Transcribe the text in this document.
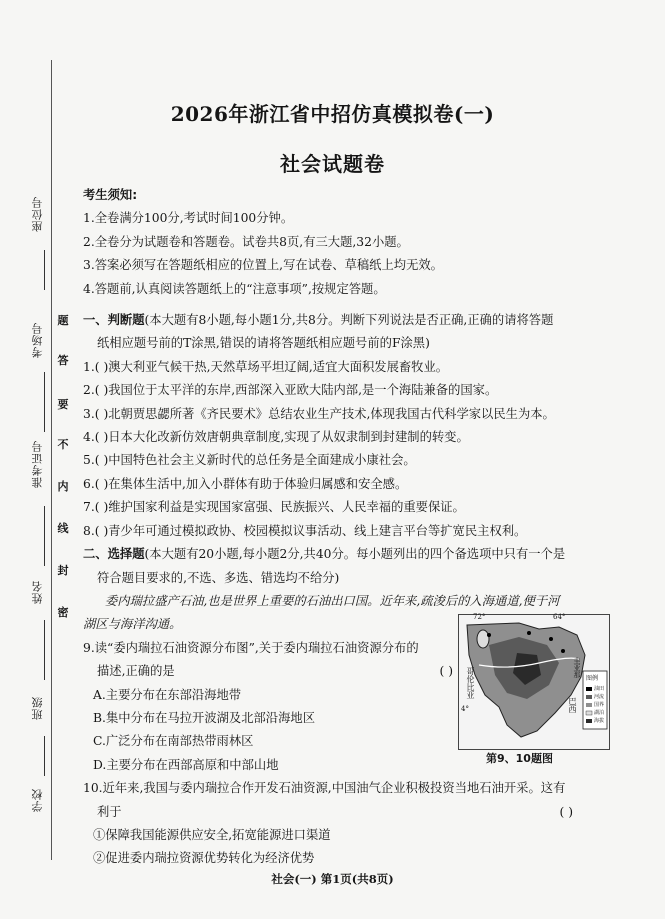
座位号
考场号
准考证号
姓名
班级
学校
题
答
要
不
内
线
封
密
2026年浙江省中招仿真模拟卷(一)
社会试题卷
考生须知:
1.全卷满分100分,考试时间100分钟。
2.全卷分为试题卷和答题卷。试卷共8页,有三大题,32小题。
3.答案必须写在答题纸相应的位置上,写在试卷、草稿纸上均无效。
4.答题前,认真阅读答题纸上的“注意事项”,按规定答题。
一、判断题(本大题有8小题,每小题1分,共8分。判断下列说法是否正确,正确的请将答题
纸相应题号前的T涂黑,错误的请将答题纸相应题号前的F涂黑)
1.( )澳大利亚气候干热,天然草场平坦辽阔,适宜大面积发展畜牧业。
2.( )我国位于太平洋的东岸,西部深入亚欧大陆内部,是一个海陆兼备的国家。
3.( )北朝贾思勰所著《齐民要术》总结农业生产技术,体现我国古代科学家以民生为本。
4.( )日本大化改新仿效唐朝典章制度,实现了从奴隶制到封建制的转变。
5.( )中国特色社会主义新时代的总任务是全面建成小康社会。
6.( )在集体生活中,加入小群体有助于体验归属感和安全感。
7.( )维护国家利益是实现国家富强、民族振兴、人民幸福的重要保证。
8.( )青少年可通过模拟政协、校园模拟议事活动、线上建言平台等扩宽民主权利。
二、选择题(本大题有20小题,每小题2分,共40分。每小题列出的四个备选项中只有一个是
符合题目要求的,不选、多选、错选均不给分)
委内瑞拉盛产石油,也是世界上重要的石油出口国。近年来,疏浚后的入海通道,便于河
湖区与海洋沟通。
9.读“委内瑞拉石油资源分布图”,关于委内瑞拉石油资源分布的
描述,正确的是	( )
A.主要分布在东部沿海地带
B.集中分布在马拉开波湖及北部沿海地区
C.广泛分布在南部热带雨林区
D.主要分布在西部高原和中部山地
10.近年来,我国与委内瑞拉合作开发石油资源,中国油气企业积极投资当地石油开采。这有
利于	( )
①保障我国能源供应安全,拓宽能源进口渠道
②促进委内瑞拉资源优势转化为经济优势
72°	64°
4°
哥伦比亚
巴西
圭亚那
图例
油田
河流
国界
湖泊
海拔
第9、10题图
社会(一) 第1页(共8页)
